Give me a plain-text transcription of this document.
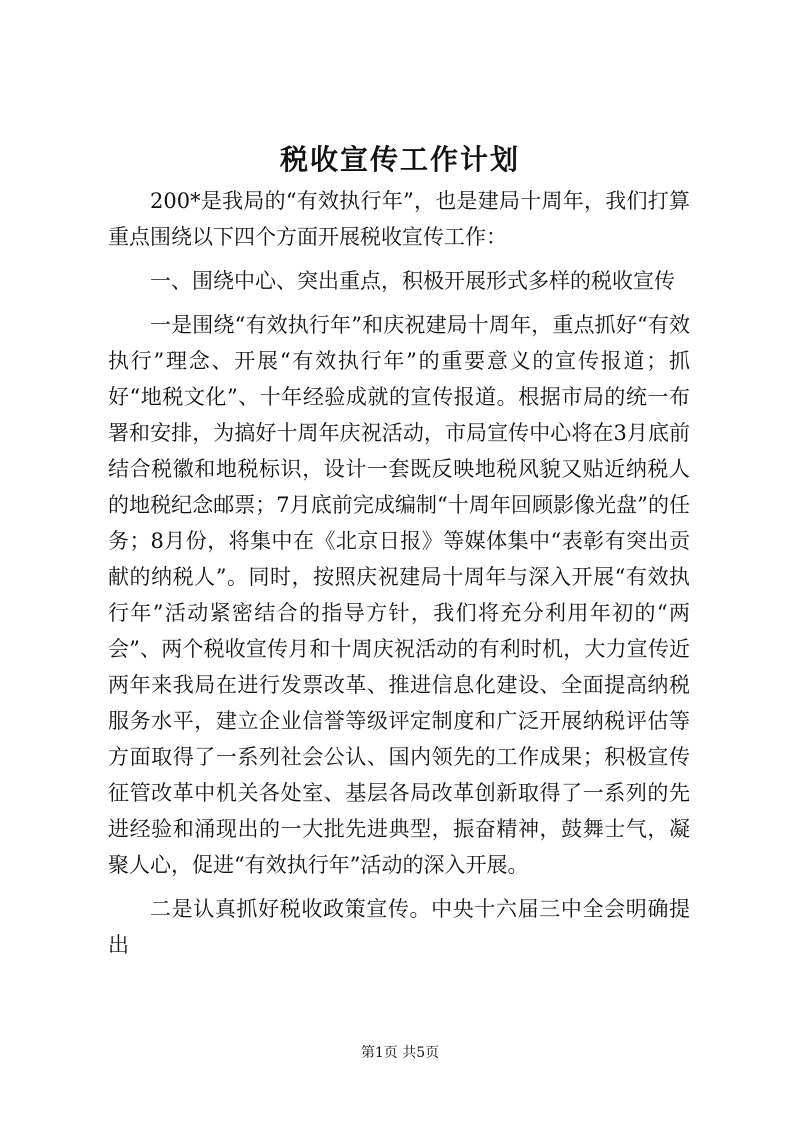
税收宣传工作计划

200*是我局的“有效执行年”，也是建局十周年，我们打算重点围绕以下四个方面开展税收宣传工作：

一、围绕中心、突出重点，积极开展形式多样的税收宣传

一是围绕“有效执行年”和庆祝建局十周年，重点抓好“有效执行”理念、开展“有效执行年”的重要意义的宣传报道；抓好“地税文化”、十年经验成就的宣传报道。根据市局的统一布署和安排，为搞好十周年庆祝活动，市局宣传中心将在3月底前结合税徽和地税标识，设计一套既反映地税风貌又贴近纳税人的地税纪念邮票；7月底前完成编制“十周年回顾影像光盘”的任务；8月份，将集中在《北京日报》等媒体集中“表彰有突出贡献的纳税人”。同时，按照庆祝建局十周年与深入开展“有效执行年”活动紧密结合的指导方针，我们将充分利用年初的“两会”、两个税收宣传月和十周庆祝活动的有利时机，大力宣传近两年来我局在进行发票改革、推进信息化建设、全面提高纳税服务水平，建立企业信誉等级评定制度和广泛开展纳税评估等方面取得了一系列社会公认、国内领先的工作成果；积极宣传征管改革中机关各处室、基层各局改革创新取得了一系列的先进经验和涌现出的一大批先进典型，振奋精神，鼓舞士气，凝聚人心，促进“有效执行年”活动的深入开展。

二是认真抓好税收政策宣传。中央十六届三中全会明确提出

第1页 共5页
